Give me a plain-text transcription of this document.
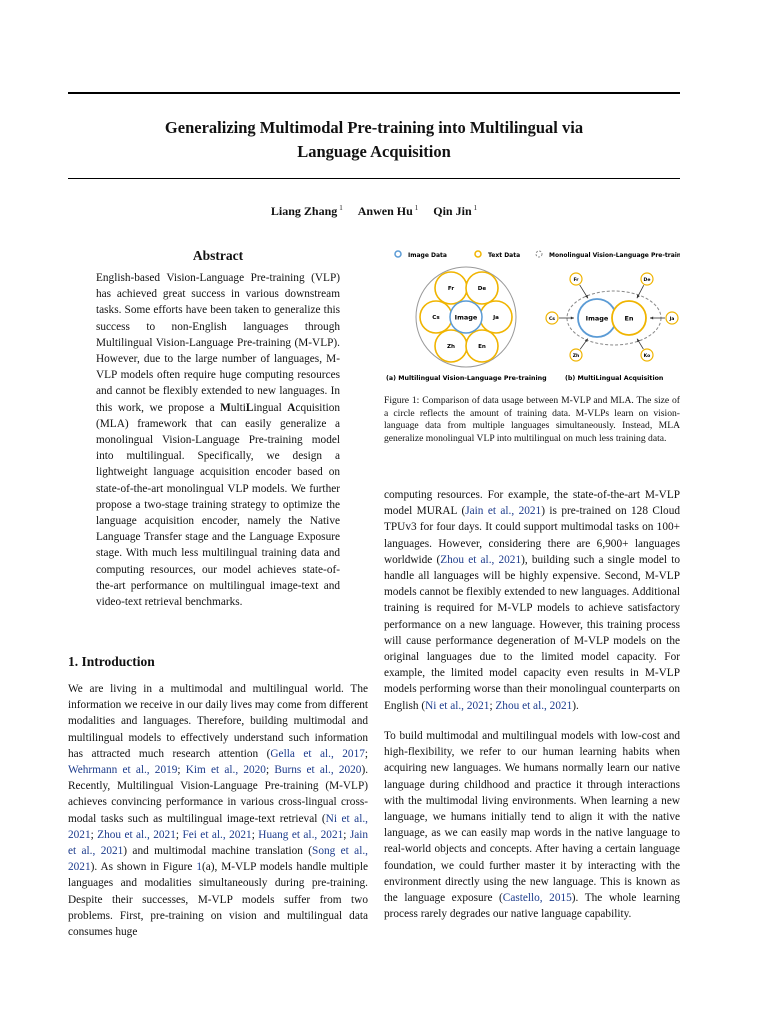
Generalizing Multimodal Pre-training into Multilingual via
Language Acquisition
Liang Zhang $^1$ Anwen Hu $^1$ Qin Jin $^1$
Abstract
English-based Vision-Language Pre-training (VLP) has achieved great success in various downstream tasks. Some efforts have been taken to generalize this success to non-English languages through Multilingual Vision-Language Pre-training (M-VLP). However, due to the large number of languages, M-VLP models often require huge computing resources and cannot be flexibly extended to new languages. In this work, we propose a MultiLingual Acquisition (MLA) framework that can easily generalize a monolingual Vision-Language Pre-training model into multilingual. Specifically, we design a lightweight language acquisition encoder based on state-of-the-art monolingual VLP models. We further propose a two-stage training strategy to optimize the language acquisition encoder, namely the Native Language Transfer stage and the Language Exposure stage. With much less multilingual training data and computing resources, our model achieves state-of-the-art performance on multilingual image-text and video-text retrieval benchmarks.
1. Introduction

We are living in a multimodal and multilingual world. The information we receive in our daily lives may come from different modalities and languages. Therefore, building multimodal and multilingual models to effectively understand such information has attracted much research attention (Gella et al., 2017; Wehrmann et al., 2019; Kim et al., 2020; Burns et al., 2020). Recently, Multilingual Vision-Language Pre-training (M-VLP) achieves convincing performance in various cross-lingual cross-modal tasks such as multilingual image-text retrieval (Ni et al., 2021; Zhou et al., 2021; Fei et al., 2021; Huang et al., 2021; Jain et al., 2021) and multimodal machine translation (Song et al., 2021). As shown in Figure 1(a), M-VLP models handle multiple languages and modalities simultaneously during pre-training. Despite their successes, M-VLP models suffer from two problems. First, pre-training on vision and multilingual data consumes huge

Image Data	Text Data	Monolingual Vision-Language Pre-training
Fr	De
Cs	Ja
Zh	En
Image	Image En
Fr	De
Cs	Ja
Zh	Ko
(a) Multilingual Vision-Language Pre-training	(b) MultiLingual Acquisition
Figure 1: Comparison of data usage between M-VLP and MLA. The size of a circle reflects the amount of training data. M-VLPs learn on vision-language data from multiple languages simultaneously. Instead, MLA generalize monolingual VLP into multilingual on much less training data.

computing resources. For example, the state-of-the-art M-VLP model MURAL (Jain et al., 2021) is pre-trained on 128 Cloud TPUv3 for four days. It could support multimodal tasks on 100+ languages. However, considering there are 6,900+ languages worldwide (Zhou et al., 2021), building such a single model to handle all languages will be highly expensive. Second, M-VLP models cannot be flexibly extended to new languages. Additional training is required for M-VLP models to achieve satisfactory performance on a new language. However, this training process will cause performance degeneration of M-VLP models on the original languages due to the limited model capacity. For example, the limited model capacity even results in M-VLP models performing worse than their monolingual counterparts on English (Ni et al., 2021; Zhou et al., 2021).

To build multimodal and multilingual models with low-cost and high-flexibility, we refer to our human learning habits when acquiring new languages. We humans normally learn our native language during childhood and practice it through interactions with the multimodal living environments. When learning a new language, we humans initially tend to align it with the native language, as we can easily map words in the native language to real-world objects and concepts. After having a certain language foundation, we could further master it by interacting with the environment directly using the new language. This is known as the language exposure (Castello, 2015). The whole learning process rarely degrades our native language capability.
